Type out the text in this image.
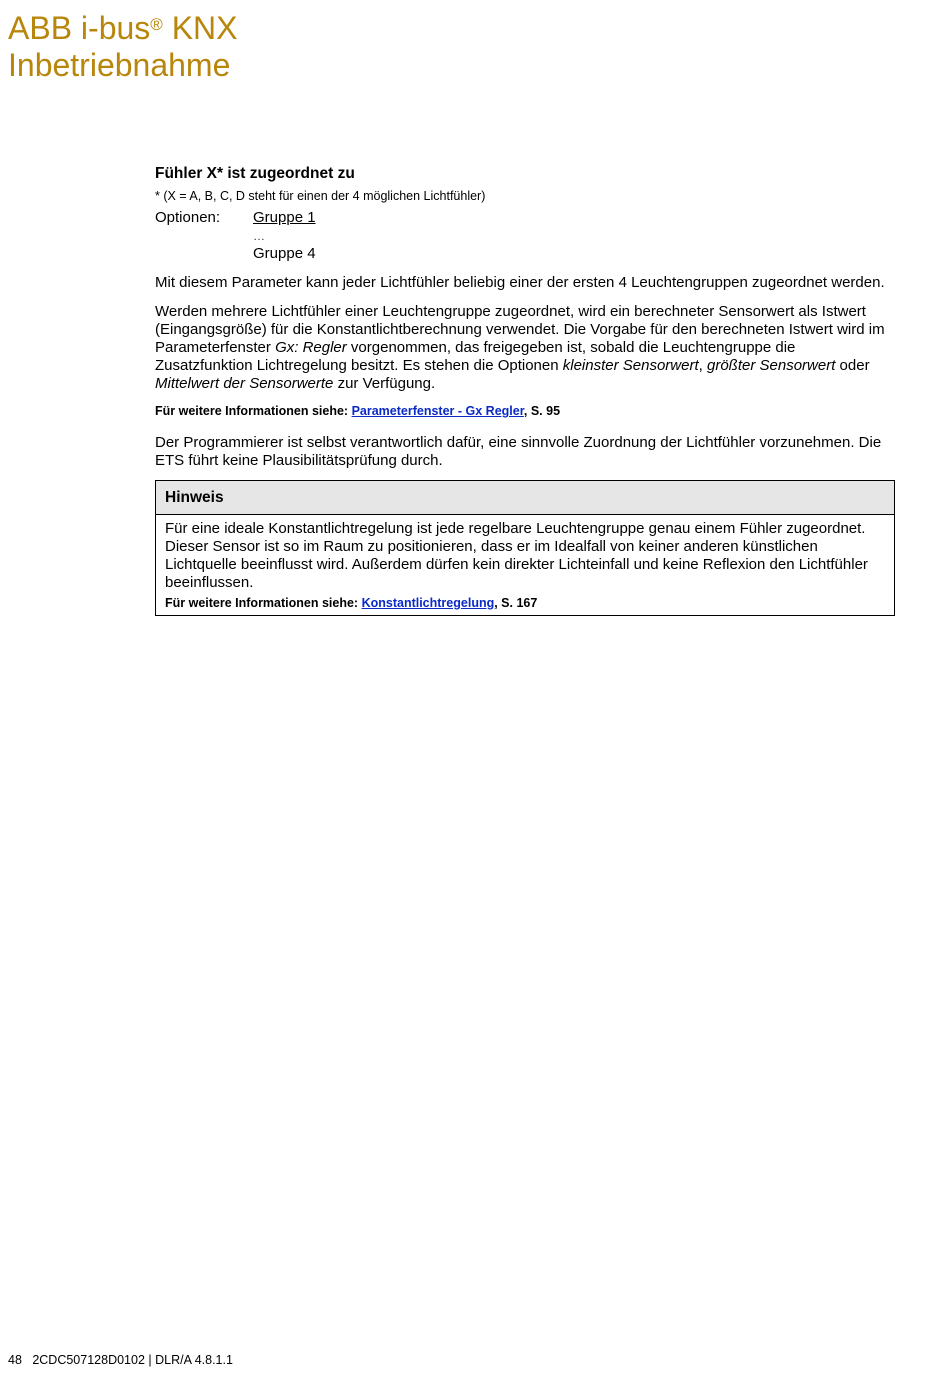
ABB i-bus® KNX
Inbetriebnahme
Fühler X* ist zugeordnet zu
* (X = A, B, C, D steht für einen der 4 möglichen Lichtfühler)
Optionen:	Gruppe 1
…
Gruppe 4

Mit diesem Parameter kann jeder Lichtfühler beliebig einer der ersten 4 Leuchtengruppen zugeordnet werden.

Werden mehrere Lichtfühler einer Leuchtengruppe zugeordnet, wird ein berechneter Sensorwert als Istwert (Eingangsgröße) für die Konstantlichtberechnung verwendet. Die Vorgabe für den berechneten Istwert wird im Parameterfenster Gx: Regler vorgenommen, das freigegeben ist, sobald die Leuchtengruppe die Zusatzfunktion Lichtregelung besitzt. Es stehen die Optionen kleinster Sensorwert, größter Sensorwert oder Mittelwert der Sensorwerte zur Verfügung.

Für weitere Informationen siehe: Parameterfenster - Gx Regler, S. 95

Der Programmierer ist selbst verantwortlich dafür, eine sinnvolle Zuordnung der Lichtfühler vorzunehmen. Die ETS führt keine Plausibilitätsprüfung durch.

Hinweis

Für eine ideale Konstantlichtregelung ist jede regelbare Leuchtengruppe genau einem Fühler zugeordnet. Dieser Sensor ist so im Raum zu positionieren, dass er im Idealfall von keiner anderen künstlichen Lichtquelle beeinflusst wird. Außerdem dürfen kein direkter Lichteinfall und keine Reflexion den Lichtfühler beeinflussen.

Für weitere Informationen siehe: Konstantlichtregelung, S. 167
48   2CDC507128D0102 | DLR/A 4.8.1.1
